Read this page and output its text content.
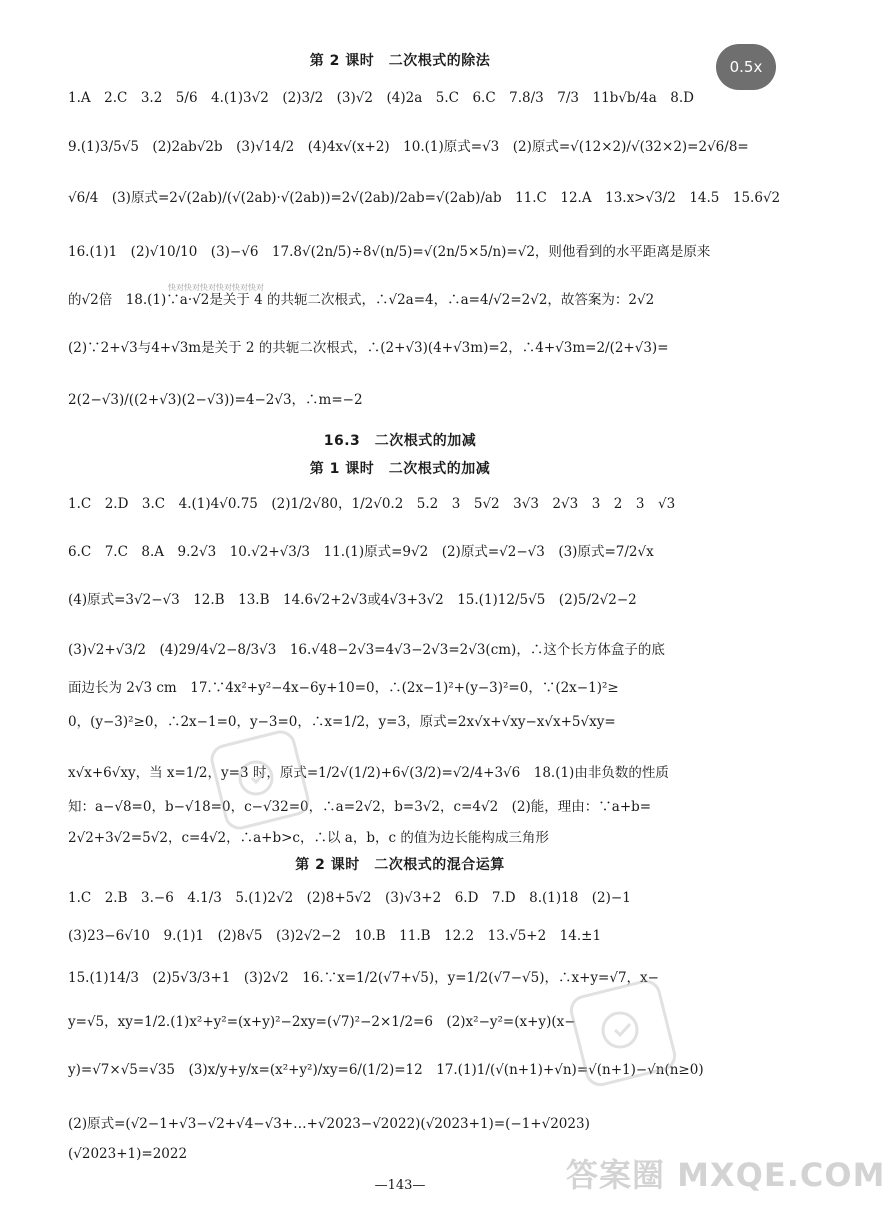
第 2 课时　二次根式的除法
1.A　2.C　3.2　5/6　4.(1)3√2　(2)3/2　(3)√2　(4)2a　5.C　6.C　7.8/3　7/3　11b√b/4a　8.D
9.(1)3/5√5　(2)2ab√2b　(3)√14/2　(4)4x√(x+2)　10.(1)原式=√3　(2)原式=√(12×2)/√(32×2)=2√6/8=
√6/4　(3)原式=2√(2ab)/(√(2ab)·√(2ab))=2√(2ab)/2ab=√(2ab)/ab　11.C　12.A　13.x>√3/2　14.5　15.6√2
16.(1)1　(2)√10/10　(3)−√6　17.8√(2n/5)÷8√(n/5)=√(2n/5×5/n)=√2，则他看到的水平距离是原来
的√2倍　18.(1)∵a·√2是关于 4 的共轭二次根式，∴√2a=4，∴a=4/√2=2√2，故答案为：2√2
(2)∵2+√3与4+√3m是关于 2 的共轭二次根式，∴(2+√3)(4+√3m)=2，∴4+√3m=2/(2+√3)=
2(2−√3)/((2+√3)(2−√3))=4−2√3，∴m=−2
16.3　二次根式的加减
第 1 课时　二次根式的加减
1.C　2.D　3.C　4.(1)4√0.75　(2)1/2√80，1/2√0.2　5.2　3　5√2　3√3　2√3　3　2　3　√3
6.C　7.C　8.A　9.2√3　10.√2+√3/3　11.(1)原式=9√2　(2)原式=√2−√3　(3)原式=7/2√x
(4)原式=3√2−√3　12.B　13.B　14.6√2+2√3或4√3+3√2　15.(1)12/5√5　(2)5/2√2−2
(3)√2+√3/2　(4)29/4√2−8/3√3　16.√48−2√3=4√3−2√3=2√3(cm)，∴这个长方体盒子的底
面边长为 2√3 cm　17.∵4x²+y²−4x−6y+10=0，∴(2x−1)²+(y−3)²=0，∵(2x−1)²≥
0，(y−3)²≥0，∴2x−1=0，y−3=0，∴x=1/2，y=3，原式=2x√x+√xy−x√x+5√xy=
x√x+6√xy，当 x=1/2，y=3 时，原式=1/2√(1/2)+6√(3/2)=√2/4+3√6　18.(1)由非负数的性质
知：a−√8=0，b−√18=0，c−√32=0，∴a=2√2，b=3√2，c=4√2　(2)能，理由：∵a+b=
2√2+3√2=5√2，c=4√2，∴a+b>c，∴以 a，b，c 的值为边长能构成三角形
第 2 课时　二次根式的混合运算
1.C　2.B　3.−6　4.1/3　5.(1)2√2　(2)8+5√2　(3)√3+2　6.D　7.D　8.(1)18　(2)−1
(3)23−6√10　9.(1)1　(2)8√5　(3)2√2−2　10.B　11.B　12.2　13.√5+2　14.±1
15.(1)14/3　(2)5√3/3+1　(3)2√2　16.∵x=1/2(√7+√5)，y=1/2(√7−√5)，∴x+y=√7，x−
y=√5，xy=1/2.(1)x²+y²=(x+y)²−2xy=(√7)²−2×1/2=6　(2)x²−y²=(x+y)(x−
y)=√7×√5=√35　(3)x/y+y/x=(x²+y²)/xy=6/(1/2)=12　17.(1)1/(√(n+1)+√n)=√(n+1)−√n(n≥0)
(2)原式=(√2−1+√3−√2+√4−√3+…+√2023−√2022)(√2023+1)=(−1+√2023)
(√2023+1)=2022
—143—
快对快对快对快对快对快对
答案圈 MXQE.COM
0.5x
